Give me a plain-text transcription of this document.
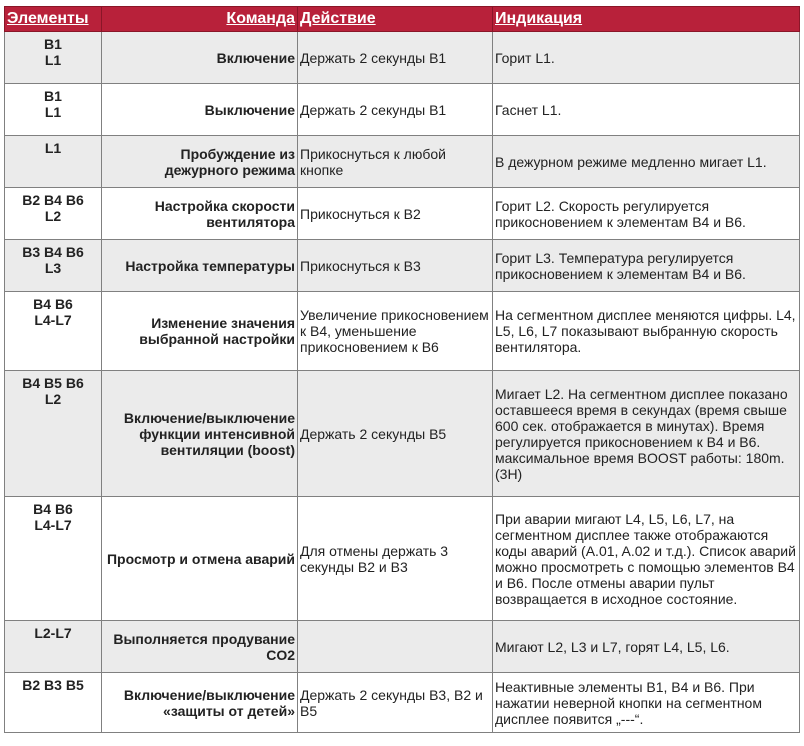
Элементы	Команда	Действие	Индикация
B1
L1	Включение	Держать 2 секунды B1	Горит L1.
B1
L1	Выключение	Держать 2 секунды B1	Гаснет L1.
L1	Пробуждение из дежурного режима	Прикоснуться к любой кнопке	В дежурном режиме медленно мигает L1.
B2 B4 B6
L2	Настройка скорости вентилятора	Прикоснуться к B2	Горит L2. Скорость регулируется прикосновением к элементам B4 и B6.
B3 B4 B6
L3	Настройка температуры	Прикоснуться к B3	Горит L3. Температура регулируется прикосновением к элементам B4 и B6.
B4 B6
L4-L7	Изменение значения выбранной настройки	Увеличение прикосновением к B4, уменьшение прикосновением к B6	На сегментном дисплее меняются цифры. L4, L5, L6, L7 показывают выбранную скорость вентилятора.
B4 B5 B6
L2	Включение/выключение функции интенсивной вентиляции (boost)	Держать 2 секунды B5	Мигает L2. На сегментном дисплее показано оставшееся время в секундах (время свыше 600 сек. отображается в минутах). Время регулируется прикосновением к B4 и B6. максимальное время BOOST работы: 180m. (3H)
B4 B6
L4-L7	Просмотр и отмена аварий	Для отмены держать 3 секунды B2 и B3	При аварии мигают L4, L5, L6, L7, на сегментном дисплее также отображаются коды аварий (A.01, A.02 и т.д.). Список аварий можно просмотреть с помощью элементов B4 и B6. После отмены аварии пульт возвращается в исходное состояние.
L2-L7	Выполняется продувание CO2		Мигают L2, L3 и L7, горят L4, L5, L6.
B2 B3 B5	Включение/выключение «защиты от детей»	Держать 2 секунды B3, B2 и B5	Неактивные элементы B1, B4 и B6. При нажатии неверной кнопки на сегментном дисплее появится „---“.
